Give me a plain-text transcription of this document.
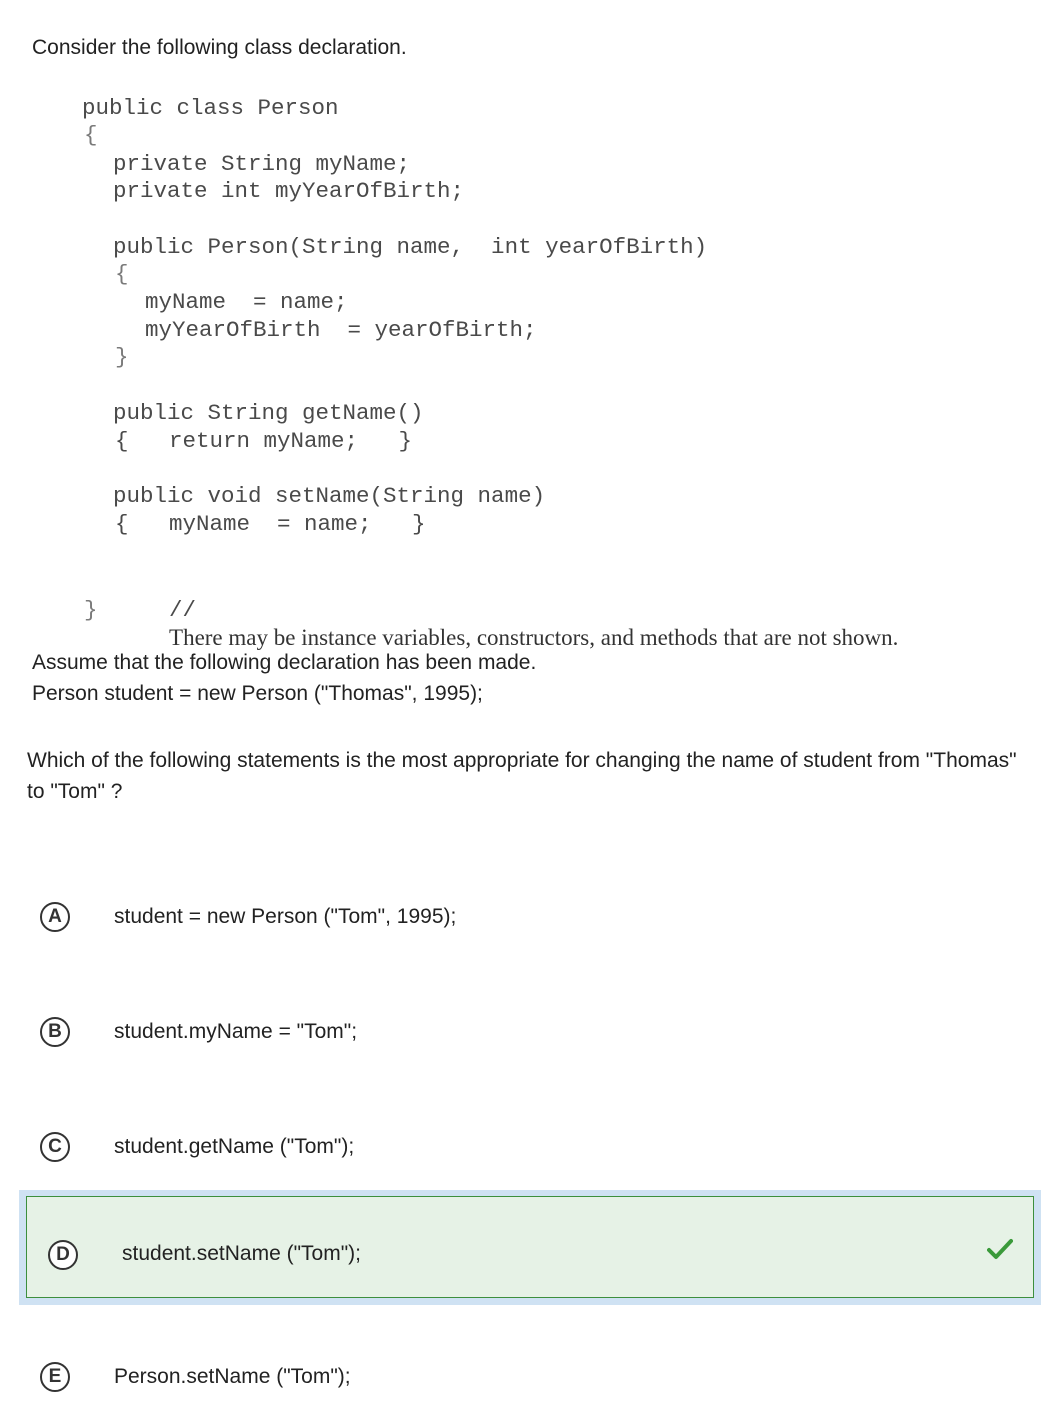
Consider the following class declaration.
public class Person
{
private String myName;
private int myYearOfBirth;
public Person(String name,  int yearOfBirth)
{
myName  = name;
myYearOfBirth  = yearOfBirth;
}
public String getName()
{   return myName;   }
public void setName(String name)
{   myName  = name;   }

//
There may be instance variables, constructors, and methods that are not shown.

}
Assume that the following declaration has been made.
Person student = new Person ("Thomas", 1995);
Which of the following statements is the most appropriate for changing the name of student from "Thomas" to "Tom" ?
A	student = new Person ("Tom", 1995);
B	student.myName = "Tom";
C	student.getName ("Tom");
D	student.setName ("Tom");
E	Person.setName ("Tom");
